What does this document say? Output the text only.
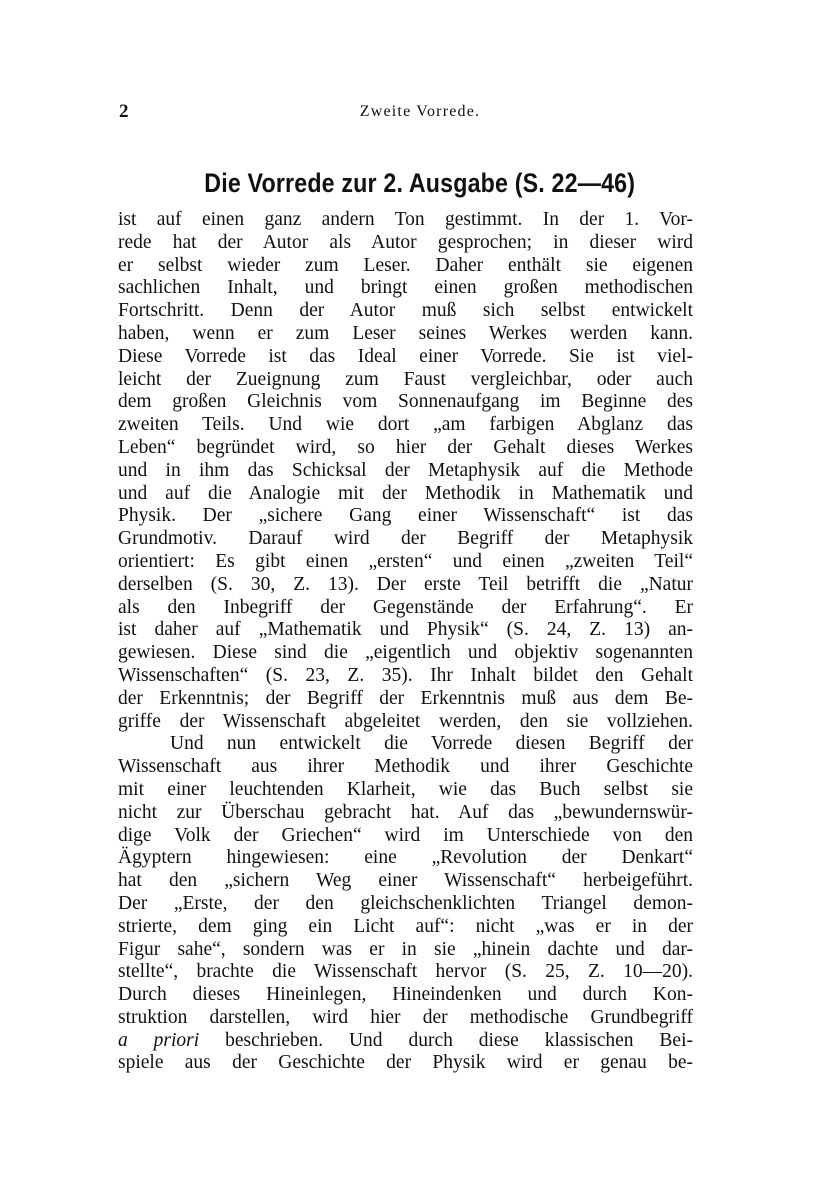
2	Zweite Vorrede.
Die Vorrede zur 2. Ausgabe (S. 22—46)
ist auf einen ganz andern Ton gestimmt. In der 1. Vor-
rede hat der Autor als Autor gesprochen; in dieser wird
er selbst wieder zum Leser. Daher enthält sie eigenen
sachlichen Inhalt, und bringt einen großen methodischen
Fortschritt. Denn der Autor muß sich selbst entwickelt
haben, wenn er zum Leser seines Werkes werden kann.
Diese Vorrede ist das Ideal einer Vorrede. Sie ist viel-
leicht der Zueignung zum Faust vergleichbar, oder auch
dem großen Gleichnis vom Sonnenaufgang im Beginne des
zweiten Teils. Und wie dort „am farbigen Abglanz das
Leben“ begründet wird, so hier der Gehalt dieses Werkes
und in ihm das Schicksal der Metaphysik auf die Methode
und auf die Analogie mit der Methodik in Mathematik und
Physik. Der „sichere Gang einer Wissenschaft“ ist das
Grundmotiv. Darauf wird der Begriff der Metaphysik
orientiert: Es gibt einen „ersten“ und einen „zweiten Teil“
derselben (S. 30, Z. 13). Der erste Teil betrifft die „Natur
als den Inbegriff der Gegenstände der Erfahrung“. Er
ist daher auf „Mathematik und Physik“ (S. 24, Z. 13) an-
gewiesen. Diese sind die „eigentlich und objektiv sogenannten
Wissenschaften“ (S. 23, Z. 35). Ihr Inhalt bildet den Gehalt
der Erkenntnis; der Begriff der Erkenntnis muß aus dem Be-
griffe der Wissenschaft abgeleitet werden, den sie vollziehen.
Und nun entwickelt die Vorrede diesen Begriff der
Wissenschaft aus ihrer Methodik und ihrer Geschichte
mit einer leuchtenden Klarheit, wie das Buch selbst sie
nicht zur Überschau gebracht hat. Auf das „bewundernswür-
dige Volk der Griechen“ wird im Unterschiede von den
Ägyptern hingewiesen: eine „Revolution der Denkart“
hat den „sichern Weg einer Wissenschaft“ herbeigeführt.
Der „Erste, der den gleichschenklichten Triangel demon-
strierte, dem ging ein Licht auf“: nicht „was er in der
Figur sahe“, sondern was er in sie „hinein dachte und dar-
stellte“, brachte die Wissenschaft hervor (S. 25, Z. 10—20).
Durch dieses Hineinlegen, Hineindenken und durch Kon-
struktion darstellen, wird hier der methodische Grundbegriff
a priori beschrieben. Und durch diese klassischen Bei-
spiele aus der Geschichte der Physik wird er genau be-
